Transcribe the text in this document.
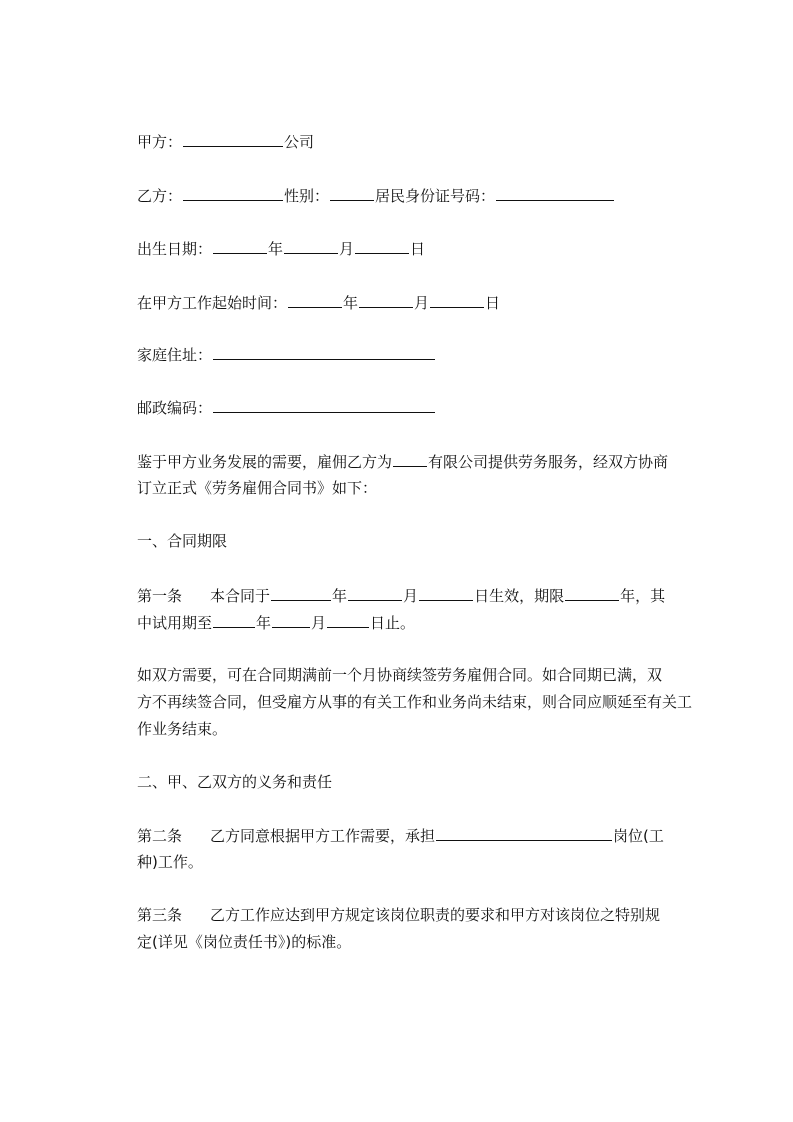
甲方：	公司
乙方：	性别：	居民身份证号码：
出生日期：	年	月	日
在甲方工作起始时间：	年	月	日
家庭住址：
邮政编码：
鉴于甲方业务发展的需要，雇佣乙方为 有限公司提供劳务服务，经双方协商
订立正式《劳务雇佣合同书》如下：
一、合同期限
第一条 本合同于	年	月	日生效，期限	年，其
中试用期至	年	月	日止。
如双方需要，可在合同期满前一个月协商续签劳务雇佣合同。如合同期已满，双
方不再续签合同，但受雇方从事的有关工作和业务尚未结束，则合同应顺延至有关工
作业务结束。
二、甲、乙双方的义务和责任
第二条 乙方同意根据甲方工作需要，承担	岗位(工
种)工作。
第三条 乙方工作应达到甲方规定该岗位职责的要求和甲方对该岗位之特别规
定(详见《岗位责任书》)的标准。
